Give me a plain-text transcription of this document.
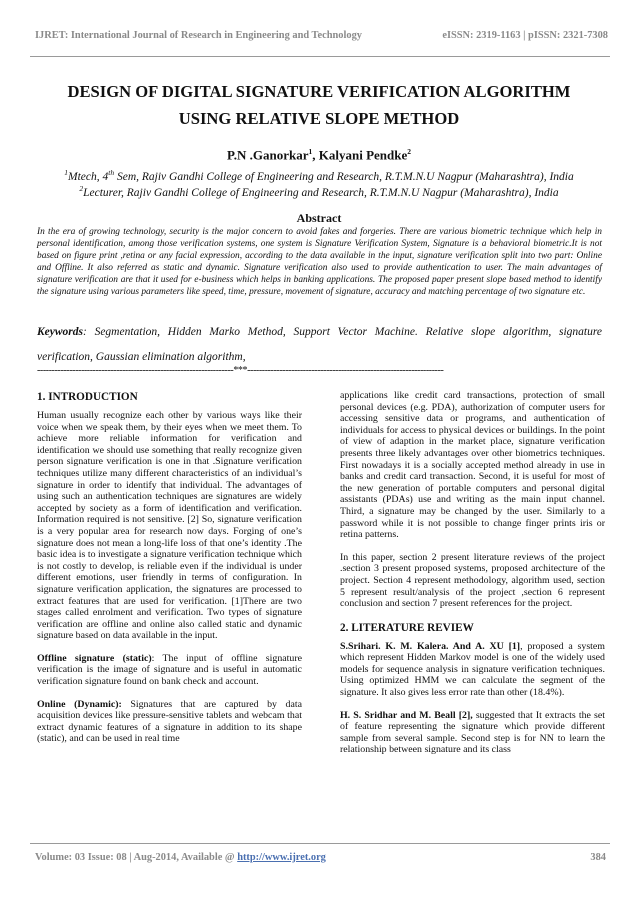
IJRET: International Journal of Research in Engineering and Technology	eISSN: 2319-1163 | pISSN: 2321-7308
DESIGN OF DIGITAL SIGNATURE VERIFICATION ALGORITHM
USING RELATIVE SLOPE METHOD
P.N .Ganorkar$^1$, Kalyani Pendke$^2$
$^1$Mtech, 4th Sem, Rajiv Gandhi College of Engineering and Research, R.T.M.N.U Nagpur (Maharashtra), India
$^2$Lecturer, Rajiv Gandhi College of Engineering and Research, R.T.M.N.U Nagpur (Maharashtra), India
Abstract
In the era of growing technology, security is the major concern to avoid fakes and forgeries. There are various biometric technique which help in personal identification, among those verification systems, one system is Signature Verification System, Signature is a behavioral biometric.It is not based on figure print ,retina or any facial expression, according to the data available in the input, signature verification split into two part: Online and Offline. It also referred as static and dynamic. Signature verification also used to provide authentication to user. The main advantages of signature verification are that it used for e-business which helps in banking applications. The proposed paper present slope based method to identify the signature using various parameters like speed, time, pressure, movement of signature, accuracy and matching percentage of two signature etc.
Keywords: Segmentation, Hidden Marko Method, Support Vector Machine. Relative slope algorithm, signature verification, Gaussian elimination algorithm,
-------------------------------------------------------------------***-------------------------------------------------------------------
1. INTRODUCTION

Human usually recognize each other by various ways like their voice when we speak them, by their eyes when we meet them. To achieve more reliable information for verification and identification we should use something that really recognize given person signature verification is one in that .Signature verification techniques utilize many different characteristics of an individual’s signature in order to identify that individual. The advantages of using such an authentication techniques are signatures are widely accepted by society as a form of identification and verification. Information required is not sensitive. [2] So, signature verification is a very popular area for research now days. Forging of one’s signature does not mean a long-life loss of that one’s identity .The basic idea is to investigate a signature verification technique which is not costly to develop, is reliable even if the individual is under different emotions, user friendly in terms of configuration. In signature verification application, the signatures are processed to extract features that are used for verification. [1]There are two stages called enrolment and verification. Two types of signature verification are offline and online also called static and dynamic signature based on data available in the input.

Offline signature (static): The input of offline signature verification is the image of signature and is useful in automatic verification signature found on bank check and account.

Online (Dynamic): Signatures that are captured by data acquisition devices like pressure-sensitive tablets and webcam that extract dynamic features of a signature in addition to its shape (static), and can be used in real time

applications like credit card transactions, protection of small personal devices (e.g. PDA), authorization of computer users for accessing sensitive data or programs, and authentication of individuals for access to physical devices or buildings. In the point of view of adaption in the market place, signature verification presents three likely advantages over other biometrics techniques. First nowadays it is a socially accepted method already in use in banks and credit card transaction. Second, it is useful for most of the new generation of portable computers and personal digital assistants (PDAs) use and writing as the main input channel. Third, a signature may be changed by the user. Similarly to a password while it is not possible to change finger prints iris or retina patterns.

In this paper, section 2 present literature reviews of the project .section 3 present proposed systems, proposed architecture of the project. Section 4 represent methodology, algorithm used, section 5 represent result/analysis of the project ,section 6 represent conclusion and section 7 present references for the project.

2. LITERATURE REVIEW

S.Srihari. K. M. Kalera. And A. XU [1], proposed a system which represent Hidden Markov model is one of the widely used models for sequence analysis in signature verification techniques. Using optimized HMM we can calculate the segment of the signature. It also gives less error rate than other (18.4%).

H. S. Sridhar and M. Beall [2], suggested that It extracts the set of feature representing the signature which provide different sample from several sample. Second step is for NN to learn the relationship between signature and its class

Volume: 03 Issue: 08 | Aug-2014, Available @ http://www.ijret.org	384
